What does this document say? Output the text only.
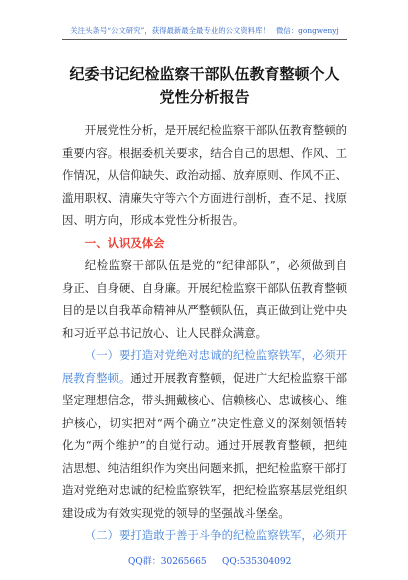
关注头条号“公文研究”，获得最新最全最专业的公文资料库！ 微信：gongwenyj
纪委书记纪检监察干部队伍教育整顿个人
党性分析报告
开展党性分析，是开展纪检监察干部队伍教育整顿的
重要内容。根据委机关要求，结合自己的思想、作风、工
作情况，从信仰缺失、政治动摇、放弃原则、作风不正、
滥用职权、清廉失守等六个方面进行剖析，查不足、找原
因、明方向，形成本党性分析报告。
一、认识及体会
纪检监察干部队伍是党的“纪律部队”，必须做到自
身正、自身硬、自身廉。开展纪检监察干部队伍教育整顿
目的是以自我革命精神从严整顿队伍，真正做到让党中央
和习近平总书记放心、让人民群众满意。
（一）要打造对党绝对忠诚的纪检监察铁军，必须开
展教育整顿。通过开展教育整顿，促进广大纪检监察干部
坚定理想信念，带头拥戴核心、信赖核心、忠诚核心、维
护核心，切实把对“两个确立”决定性意义的深刻领悟转
化为“两个维护”的自觉行动。通过开展教育整顿，把纯
洁思想、纯洁组织作为突出问题来抓，把纪检监察干部打
造对党绝对忠诚的纪检监察铁军，把纪检监察基层党组织
建设成为有效实现党的领导的坚强战斗堡垒。
（二）要打造敢于善于斗争的纪检监察铁军，必须开
QQ群：30265665 QQ:535304092
